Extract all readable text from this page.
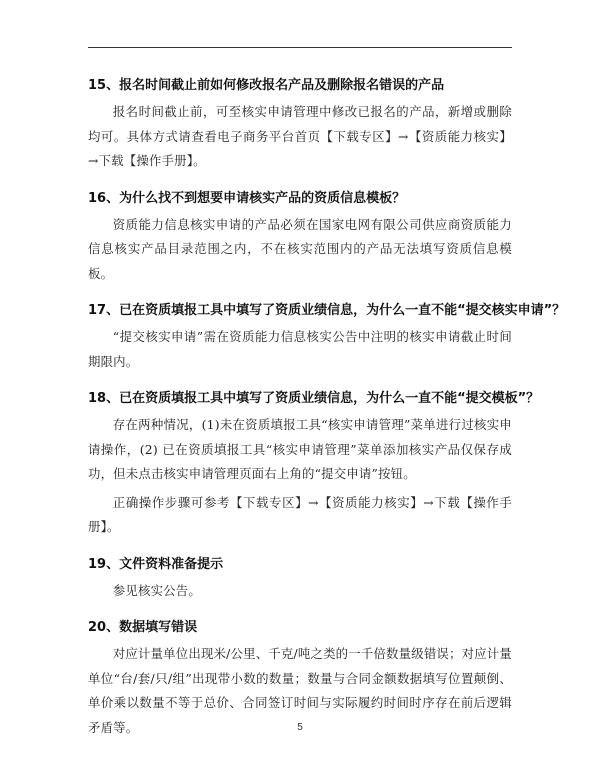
15、报名时间截止前如何修改报名产品及删除报名错误的产品
报名时间截止前，可至核实申请管理中修改已报名的产品，新增或删除均可。具体方式请查看电子商务平台首页【下载专区】→【资质能力核实】→下载【操作手册】。
16、为什么找不到想要申请核实产品的资质信息模板？
资质能力信息核实申请的产品必须在国家电网有限公司供应商资质能力信息核实产品目录范围之内，不在核实范围内的产品无法填写资质信息模板。
17、已在资质填报工具中填写了资质业绩信息，为什么一直不能“提交核实申请”？
“提交核实申请”需在资质能力信息核实公告中注明的核实申请截止时间期限内。
18、已在资质填报工具中填写了资质业绩信息，为什么一直不能“提交模板”？
存在两种情况，(1)未在资质填报工具“核实申请管理”菜单进行过核实申请操作，(2) 已在资质填报工具“核实申请管理”菜单添加核实产品仅保存成功，但未点击核实申请管理页面右上角的“提交申请”按钮。
正确操作步骤可参考【下载专区】→【资质能力核实】→下载【操作手册】。
19、文件资料准备提示
参见核实公告。
20、数据填写错误
对应计量单位出现米/公里、千克/吨之类的一千倍数量级错误；对应计量单位“台/套/只/组”出现带小数的数量；数量与合同金额数据填写位置颠倒、单价乘以数量不等于总价、合同签订时间与实际履约时间时序存在前后逻辑矛盾等。	5
